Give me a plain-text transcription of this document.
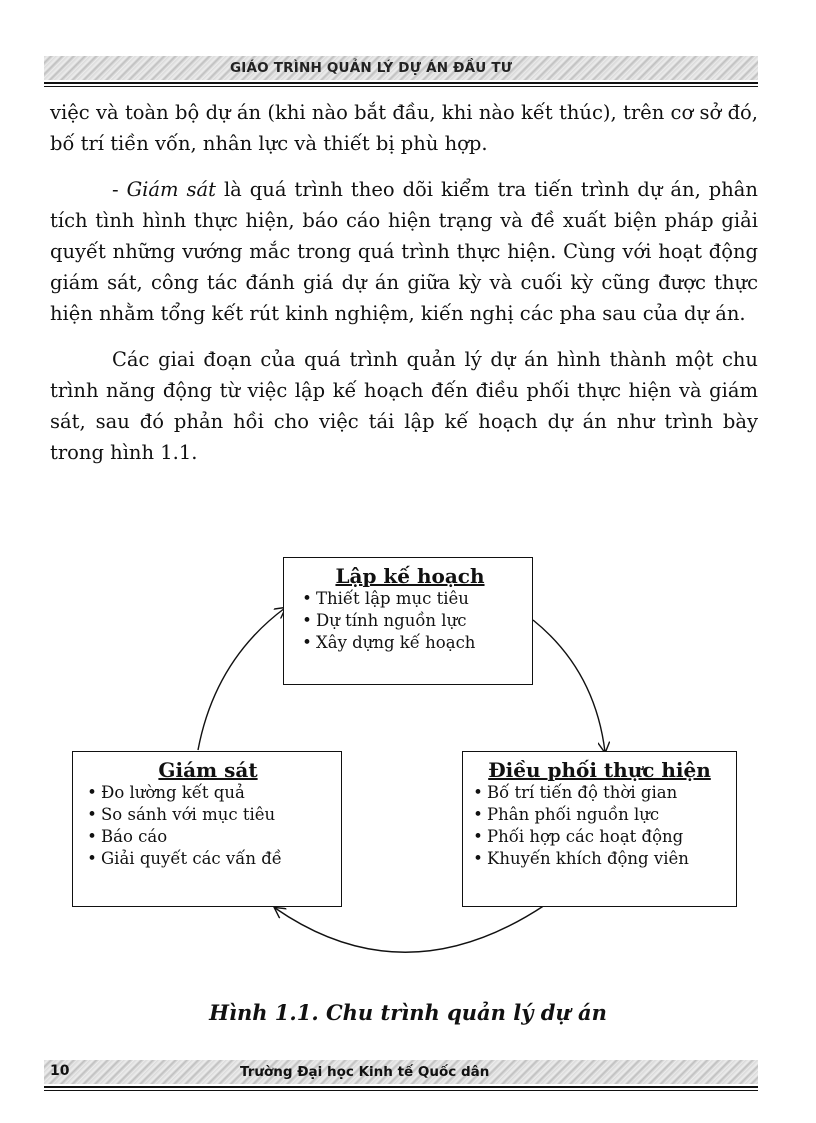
GIÁO TRÌNH QUẢN LÝ DỰ ÁN ĐẦU TƯ

việc và toàn bộ dự án (khi nào bắt đầu, khi nào kết thúc), trên cơ sở đó, bố trí tiền vốn, nhân lực và thiết bị phù hợp.

- Giám sát là quá trình theo dõi kiểm tra tiến trình dự án, phân tích tình hình thực hiện, báo cáo hiện trạng và đề xuất biện pháp giải quyết những vướng mắc trong quá trình thực hiện. Cùng với hoạt động giám sát, công tác đánh giá dự án giữa kỳ và cuối kỳ cũng được thực hiện nhằm tổng kết rút kinh nghiệm, kiến nghị các pha sau của dự án.

Các giai đoạn của quá trình quản lý dự án hình thành một chu trình năng động từ việc lập kế hoạch đến điều phối thực hiện và giám sát, sau đó phản hồi cho việc tái lập kế hoạch dự án như trình bày trong hình 1.1.

Lập kế hoạch
• Thiết lập mục tiêu
• Dự tính nguồn lực
• Xây dựng kế hoạch
Giám sát
• Đo lường kết quả
• So sánh với mục tiêu
• Báo cáo
• Giải quyết các vấn đề
Điều phối thực hiện
• Bố trí tiến độ thời gian
• Phân phối nguồn lực
• Phối hợp các hoạt động
• Khuyến khích động viên
Hình 1.1. Chu trình quản lý dự án
10	Trường Đại học Kinh tế Quốc dân
